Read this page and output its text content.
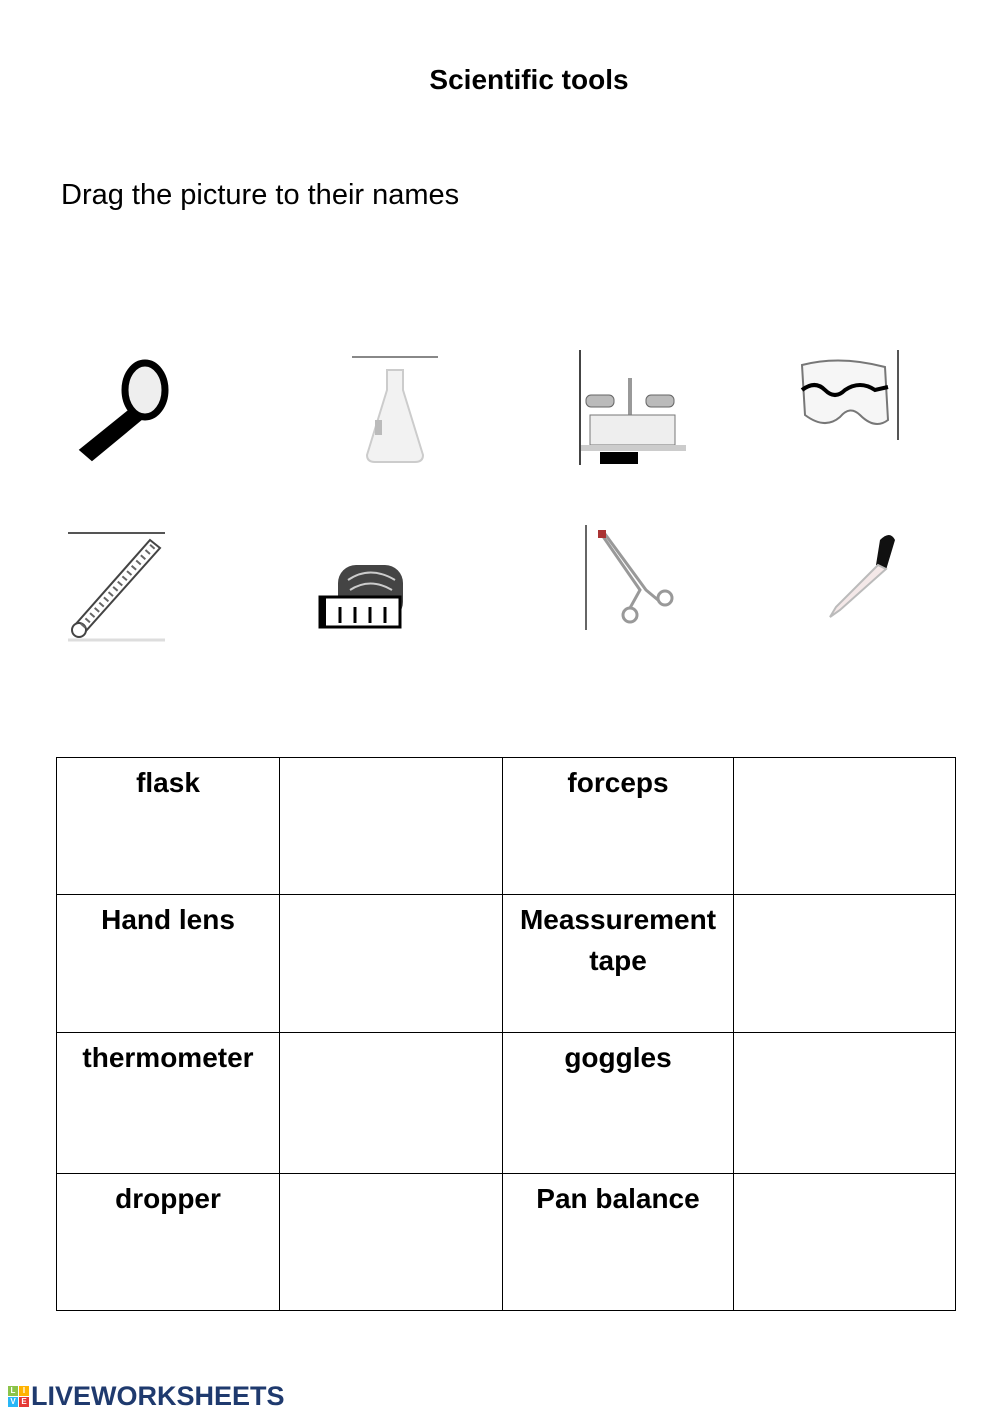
Scientific tools
Drag the picture to their names
flask		forceps	
Hand lens		Meassurement tape	
thermometer		goggles	
dropper		Pan balance	
L I
V E LIVEWORKSHEETS
